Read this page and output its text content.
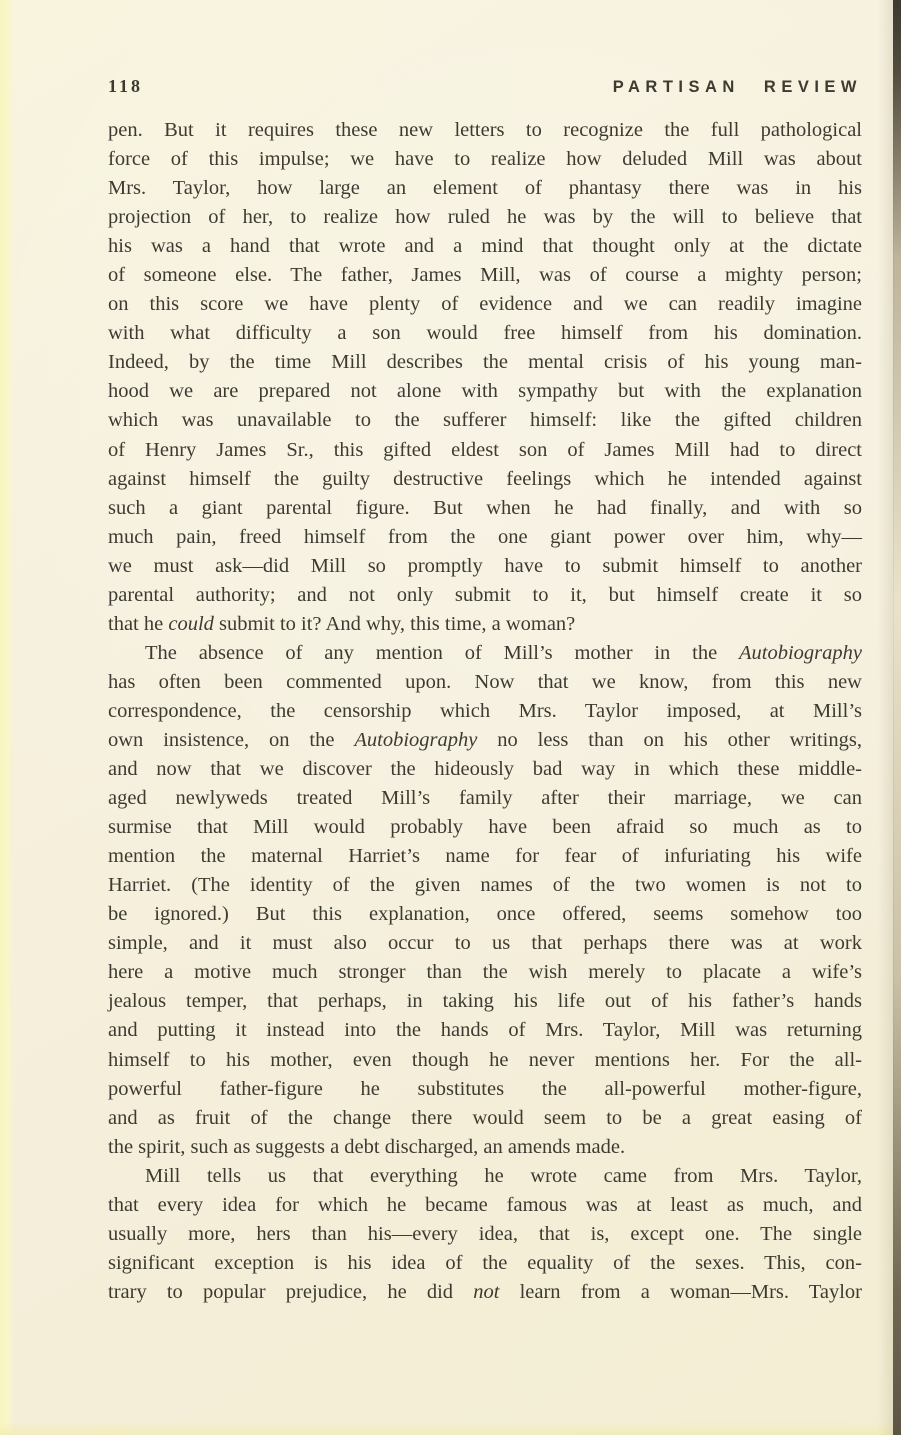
118	PARTISAN REVIEW
pen. But it requires these new letters to recognize the full pathological
force of this impulse; we have to realize how deluded Mill was about
Mrs. Taylor, how large an element of phantasy there was in his
projection of her, to realize how ruled he was by the will to believe that
his was a hand that wrote and a mind that thought only at the dictate
of someone else. The father, James Mill, was of course a mighty person;
on this score we have plenty of evidence and we can readily imagine
with what difficulty a son would free himself from his domination.
Indeed, by the time Mill describes the mental crisis of his young man-
hood we are prepared not alone with sympathy but with the explanation
which was unavailable to the sufferer himself: like the gifted children
of Henry James Sr., this gifted eldest son of James Mill had to direct
against himself the guilty destructive feelings which he intended against
such a giant parental figure. But when he had finally, and with so
much pain, freed himself from the one giant power over him, why—
we must ask—did Mill so promptly have to submit himself to another
parental authority; and not only submit to it, but himself create it so
that he could submit to it? And why, this time, a woman?
The absence of any mention of Mill’s mother in the Autobiography
has often been commented upon. Now that we know, from this new
correspondence, the censorship which Mrs. Taylor imposed, at Mill’s
own insistence, on the Autobiography no less than on his other writings,
and now that we discover the hideously bad way in which these middle-
aged newlyweds treated Mill’s family after their marriage, we can
surmise that Mill would probably have been afraid so much as to
mention the maternal Harriet’s name for fear of infuriating his wife
Harriet. (The identity of the given names of the two women is not to
be ignored.) But this explanation, once offered, seems somehow too
simple, and it must also occur to us that perhaps there was at work
here a motive much stronger than the wish merely to placate a wife’s
jealous temper, that perhaps, in taking his life out of his father’s hands
and putting it instead into the hands of Mrs. Taylor, Mill was returning
himself to his mother, even though he never mentions her. For the all-
powerful father-figure he substitutes the all-powerful mother-figure,
and as fruit of the change there would seem to be a great easing of
the spirit, such as suggests a debt discharged, an amends made.
Mill tells us that everything he wrote came from Mrs. Taylor,
that every idea for which he became famous was at least as much, and
usually more, hers than his—every idea, that is, except one. The single
significant exception is his idea of the equality of the sexes. This, con-
trary to popular prejudice, he did not learn from a woman—Mrs. Taylor
